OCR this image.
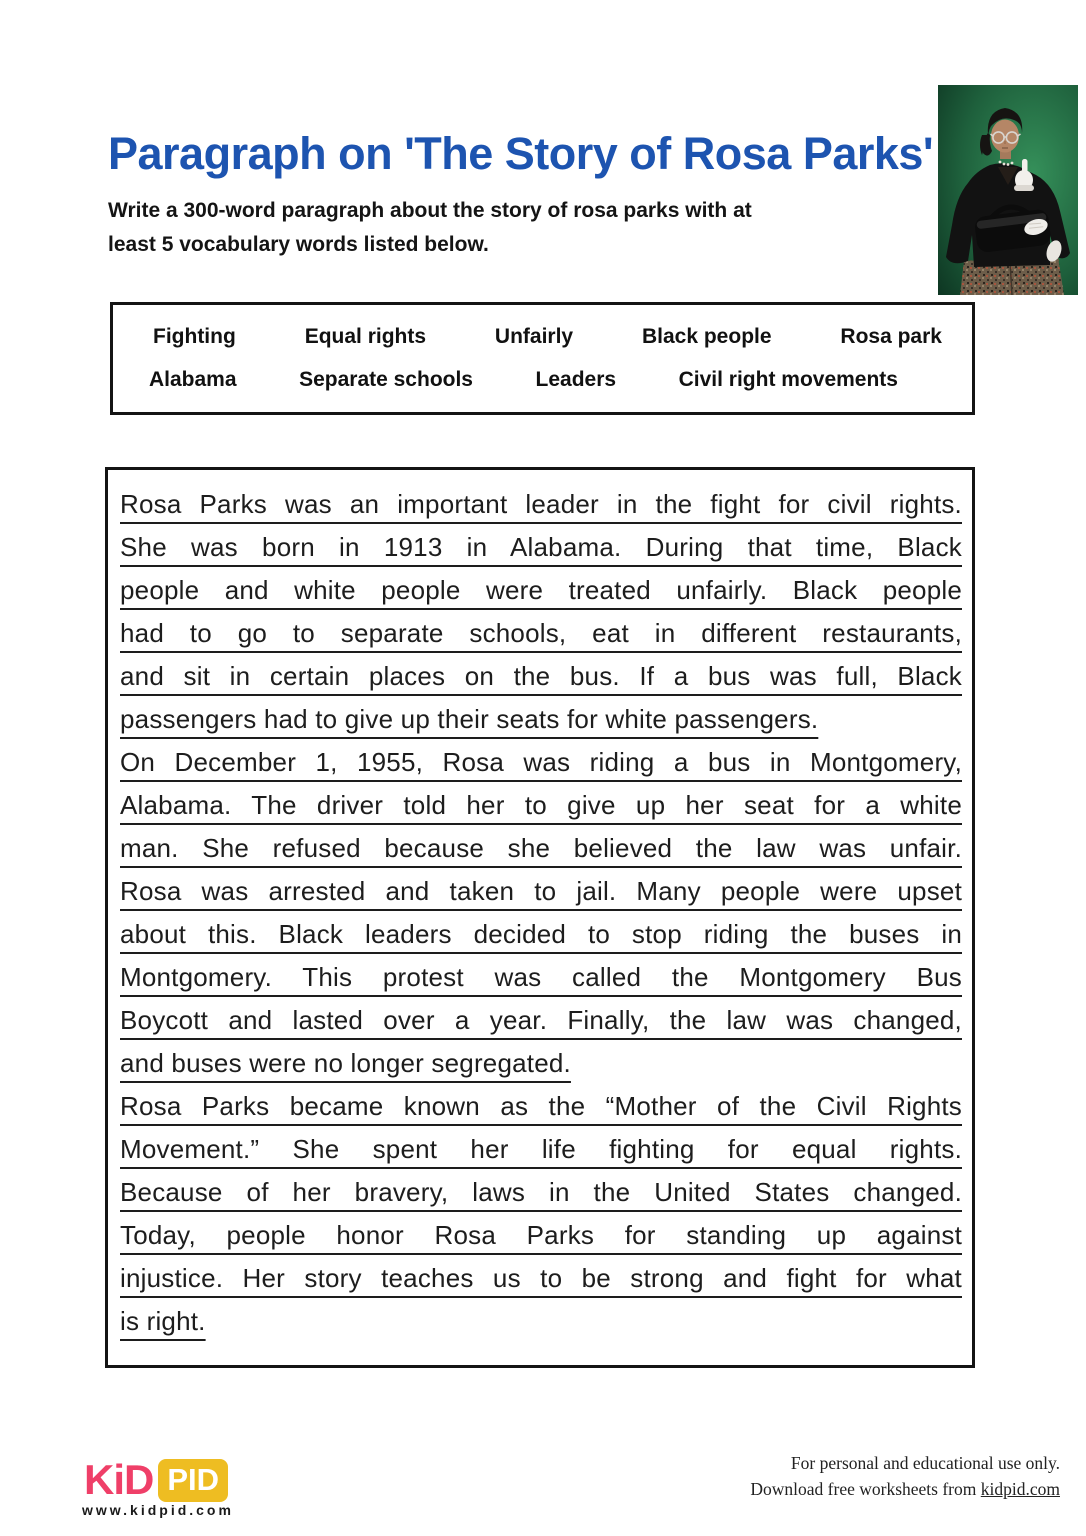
Paragraph on 'The Story of Rosa Parks'

Write a 300-word paragraph about the story of rosa parks with at
least 5 vocabulary words listed below.

Fighting	Equal rights	Unfairly	Black people	Rosa park
Alabama	Separate schools	Leaders	Civil right movements
Rosa Parks was an important leader in the fight for civil rights.
She was born in 1913 in Alabama. During that time, Black
people and white people were treated unfairly. Black people
had to go to separate schools, eat in different restaurants,
and sit in certain places on the bus. If a bus was full, Black
passengers had to give up their seats for white passengers.
On December 1, 1955, Rosa was riding a bus in Montgomery,
Alabama. The driver told her to give up her seat for a white
man. She refused because she believed the law was unfair.
Rosa was arrested and taken to jail. Many people were upset
about this. Black leaders decided to stop riding the buses in
Montgomery. This protest was called the Montgomery Bus
Boycott and lasted over a year. Finally, the law was changed,
and buses were no longer segregated.
Rosa Parks became known as the “Mother of the Civil Rights
Movement.” She spent her life fighting for equal rights.
Because of her bravery, laws in the United States changed.
Today, people honor Rosa Parks for standing up against
injustice. Her story teaches us to be strong and fight for what
is right.
KiD PID
www.kidpid.com
For personal and educational use only.
Download free worksheets from kidpid.com
